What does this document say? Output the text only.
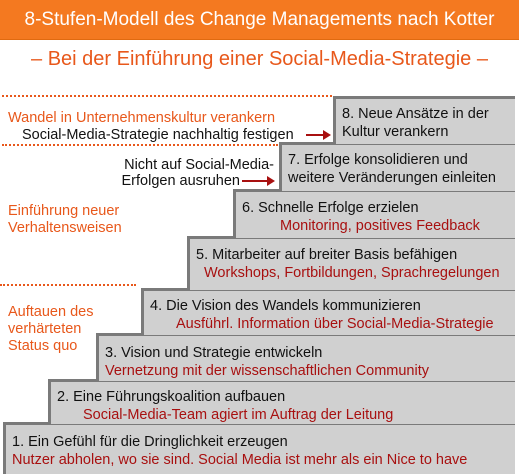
8-Stufen-Modell des Change Managements nach Kotter
– Bei der Einführung einer Social-Media-Strategie –
1. Ein Gefühl für die Dringlichkeit erzeugen
Nutzer abholen, wo sie sind. Social Media ist mehr als ein Nice to have
2. Eine Führungskoalition aufbauen
Social-Media-Team agiert im Auftrag der Leitung
3. Vision und Strategie entwickeln
Vernetzung mit der wissenschaftlichen Community
4. Die Vision des Wandels kommunizieren
Ausführl. Information über Social-Media-Strategie
5. Mitarbeiter auf breiter Basis befähigen
Workshops, Fortbildungen, Sprachregelungen
6. Schnelle Erfolge erzielen
Monitoring, positives Feedback
7. Erfolge konsolidieren und
weitere Veränderungen einleiten
8. Neue Ansätze in der
Kultur verankern
Wandel in Unternehmenskultur verankern
Social-Media-Strategie nachhaltig festigen
Nicht auf Social-Media-
Erfolgen ausruhen
Einführung neuer
Verhaltensweisen
Auftauen des
verhärteten
Status quo
